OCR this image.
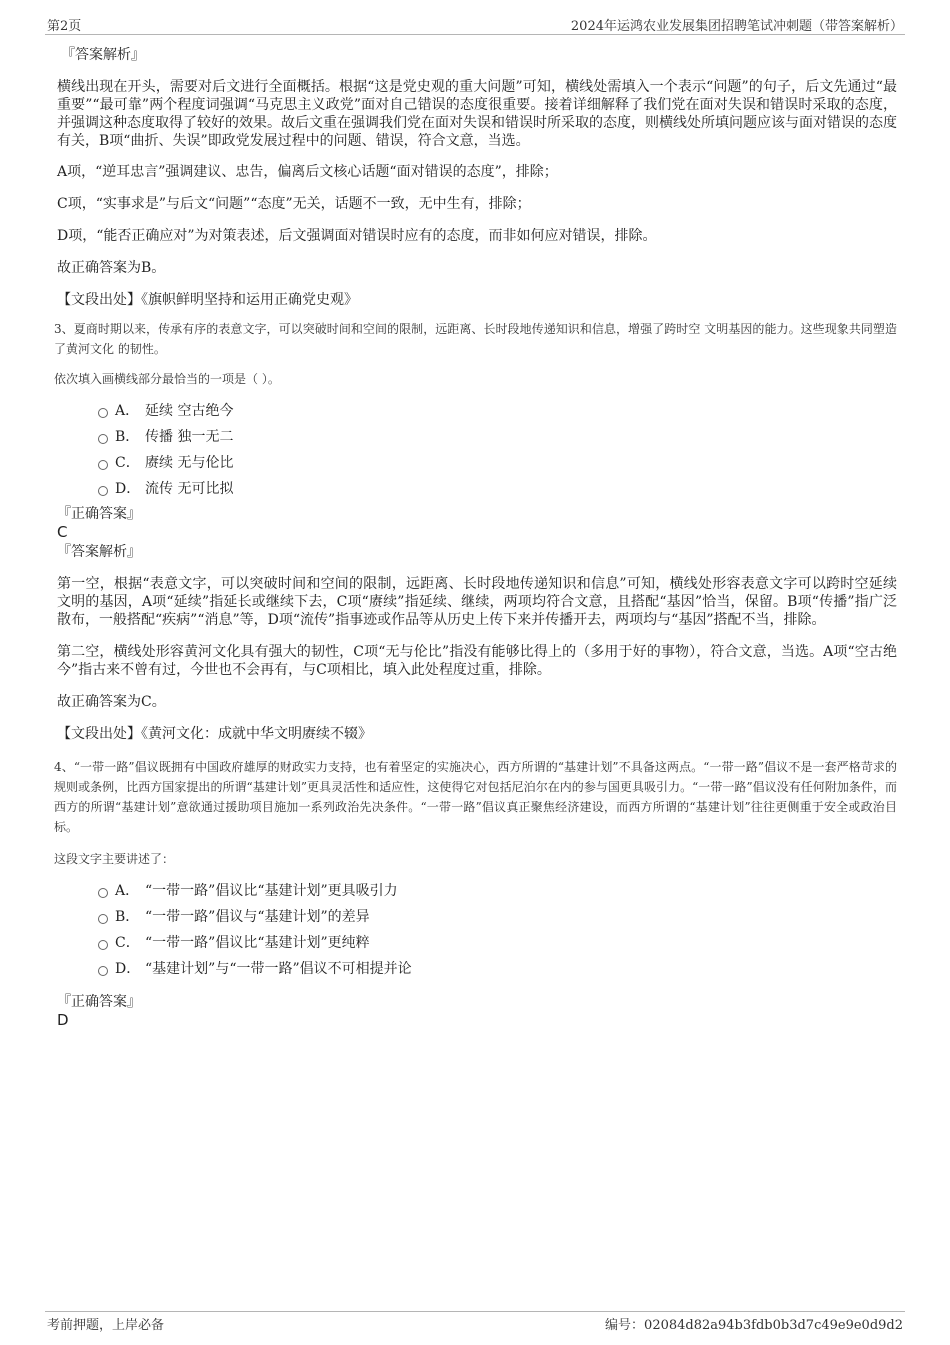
第2页	2024年运鸿农业发展集团招聘笔试冲刺题（带答案解析）
『答案解析』
横线出现在开头，需要对后文进行全面概括。根据“这是党史观的重大问题”可知，横线处需填入一个表示“问题”的句子，后文先通过“最重要”“最可靠”两个程度词强调“马克思主义政党”面对自己错误的态度很重要。接着详细解释了我们党在面对失误和错误时采取的态度，并强调这种态度取得了较好的效果。故后文重在强调我们党在面对失误和错误时所采取的态度，则横线处所填问题应该与面对错误的态度有关，B项“曲折、失误”即政党发展过程中的问题、错误，符合文意，当选。
A项，“逆耳忠言”强调建议、忠告，偏离后文核心话题“面对错误的态度”，排除；
C项，“实事求是”与后文“问题”“态度”无关，话题不一致，无中生有，排除；
D项，“能否正确应对”为对策表述，后文强调面对错误时应有的态度，而非如何应对错误，排除。
故正确答案为B。
【文段出处】《旗帜鲜明坚持和运用正确党史观》
3、夏商时期以来，传承有序的表意文字，可以突破时间和空间的限制，远距离、长时段地传递知识和信息，增强了跨时空 文明基因的能力。这些现象共同塑造了黄河文化 的韧性。
依次填入画横线部分最恰当的一项是（ ）。
A． 延续 空古绝今
B． 传播 独一无二
C． 赓续 无与伦比
D． 流传 无可比拟
『正确答案』
C
『答案解析』
第一空，根据“表意文字，可以突破时间和空间的限制，远距离、长时段地传递知识和信息”可知，横线处形容表意文字可以跨时空延续文明的基因，A项“延续”指延长或继续下去，C项“赓续”指延续、继续，两项均符合文意，且搭配“基因”恰当，保留。B项“传播”指广泛散布，一般搭配“疾病”“消息”等，D项“流传”指事迹或作品等从历史上传下来并传播开去，两项均与“基因”搭配不当，排除。
第二空，横线处形容黄河文化具有强大的韧性，C项“无与伦比”指没有能够比得上的（多用于好的事物），符合文意，当选。A项“空古绝今”指古来不曾有过，今世也不会再有，与C项相比，填入此处程度过重，排除。
故正确答案为C。
【文段出处】《黄河文化：成就中华文明赓续不辍》
4、“一带一路”倡议既拥有中国政府雄厚的财政实力支持，也有着坚定的实施决心，西方所谓的“基建计划”不具备这两点。“一带一路”倡议不是一套严格苛求的规则或条例，比西方国家提出的所谓“基建计划”更具灵活性和适应性，这使得它对包括尼泊尔在内的参与国更具吸引力。“一带一路”倡议没有任何附加条件，而西方的所谓“基建计划”意欲通过援助项目施加一系列政治先决条件。“一带一路”倡议真正聚焦经济建设，而西方所谓的“基建计划”往往更侧重于安全或政治目标。
这段文字主要讲述了：
A． “一带一路”倡议比“基建计划”更具吸引力
B． “一带一路”倡议与“基建计划”的差异
C． “一带一路”倡议比“基建计划”更纯粹
D． “基建计划”与“一带一路”倡议不可相提并论
『正确答案』
D
考前押题，上岸必备	编号：02084d82a94b3fdb0b3d7c49e9e0d9d2
